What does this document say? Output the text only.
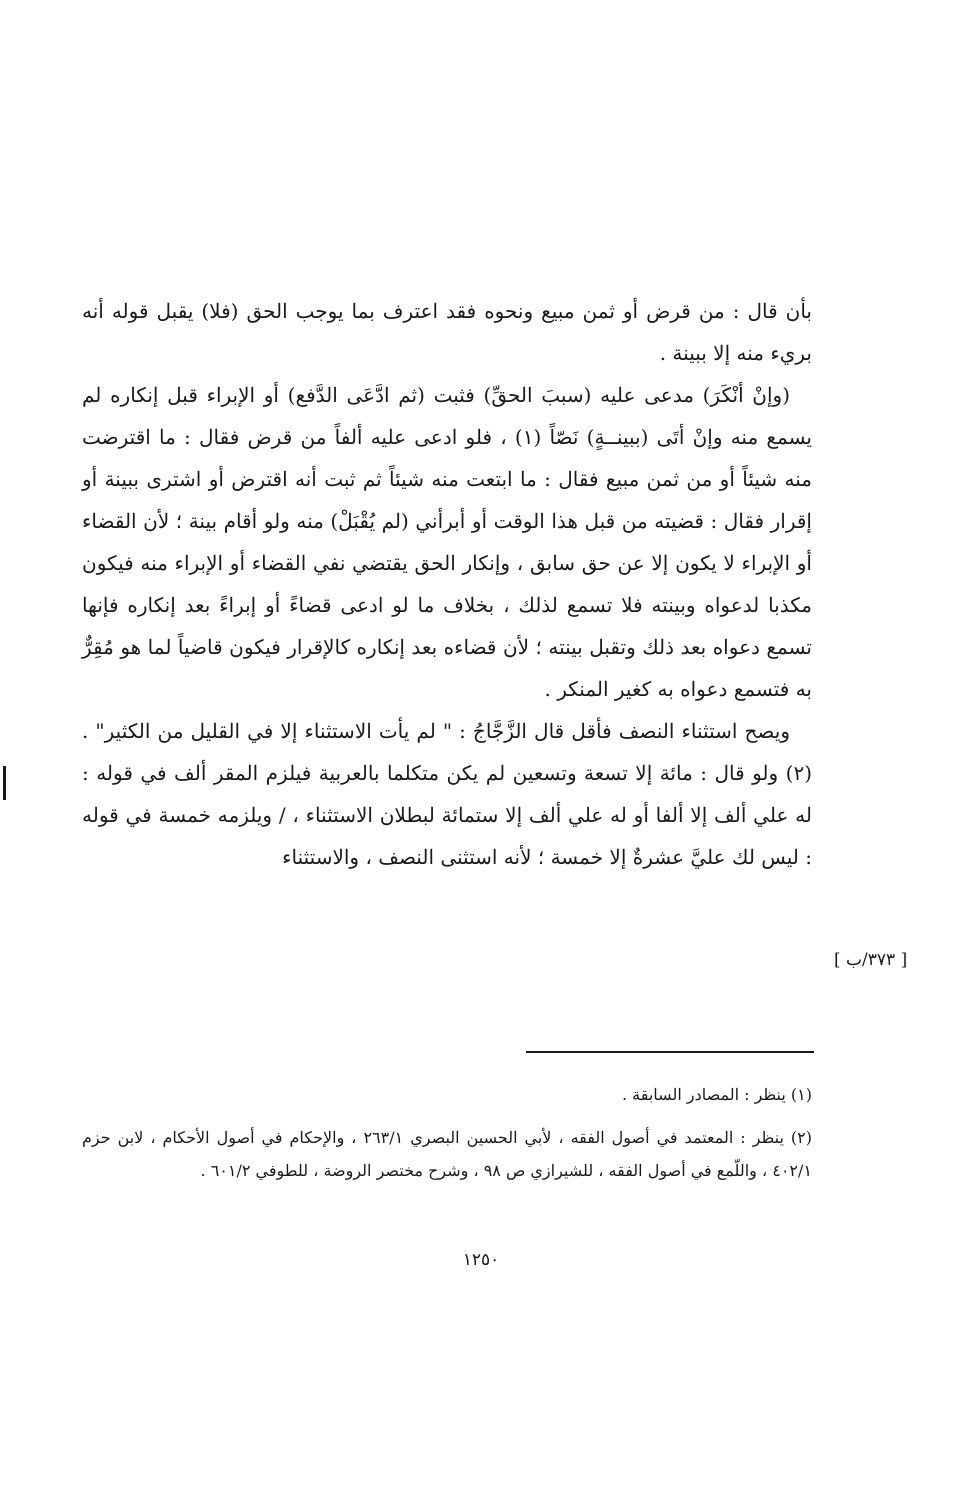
بأن قال : من قرض أو ثمن مبيع ونحوه فقد اعترف بما يوجب الحق (فلا) يقبل قوله أنه بريء منه إلا ببينة .

(وإنْ أنْكَرَ) مدعى عليه (سببَ الحقِّ) فثبت (ثم ادَّعَى الدَّفع) أو الإبراء قبل إنكاره لم يسمع منه وإنْ أتَى (ببينــةٍ) نَصّاً (١) ، فلو ادعى عليه ألفاً من قرض فقال : ما اقترضت منه شيئاً أو من ثمن مبيع فقال : ما ابتعت منه شيئاً ثم ثبت أنه اقترض أو اشترى ببينة أو إقرار فقال : قضيته من قبل هذا الوقت أو أبرأني (لم يُقْبَلْ) منه ولو أقام بينة ؛ لأن القضاء أو الإبراء لا يكون إلا عن حق سابق ، وإنكار الحق يقتضي نفي القضاء أو الإبراء منه فيكون مكذبا لدعواه وبينته فلا تسمع لذلك ، بخلاف ما لو ادعى قضاءً أو إبراءً بعد إنكاره فإنها تسمع دعواه بعد ذلك وتقبل بينته ؛ لأن قضاءه بعد إنكاره كالإقرار فيكون قاضياً لما هو مُقِرٌّ به فتسمع دعواه به كغير المنكر .

ويصح استثناء النصف فأقل قال الزَّجَّاجُ : " لم يأت الاستثناء إلا في القليل من الكثير" . (٢) ولو قال : مائة إلا تسعة وتسعين لم يكن متكلما بالعربية فيلزم المقر ألف في قوله : له علي ألف إلا ألفا أو له علي ألف إلا ستمائة لبطلان الاستثناء ، / ويلزمه خمسة في قوله : ليس لك عليَّ عشرةٌ إلا خمسة ؛ لأنه استثنى النصف ، والاستثناء

[ ٣٧٣/ب ]

(١) ينظر : المصادر السابقة .

(٢) ينظر : المعتمد في أصول الفقه ، لأبي الحسين البصري ٢٦٣/١ ، والإحكام في أصول الأحكام ، لابن حزم ٤٠٢/١ ، واللّمع في أصول الفقه ، للشيرازي ص ٩٨ ، وشرح مختصر الروضة ، للطوفي ٦٠١/٢ .

١٢٥٠
